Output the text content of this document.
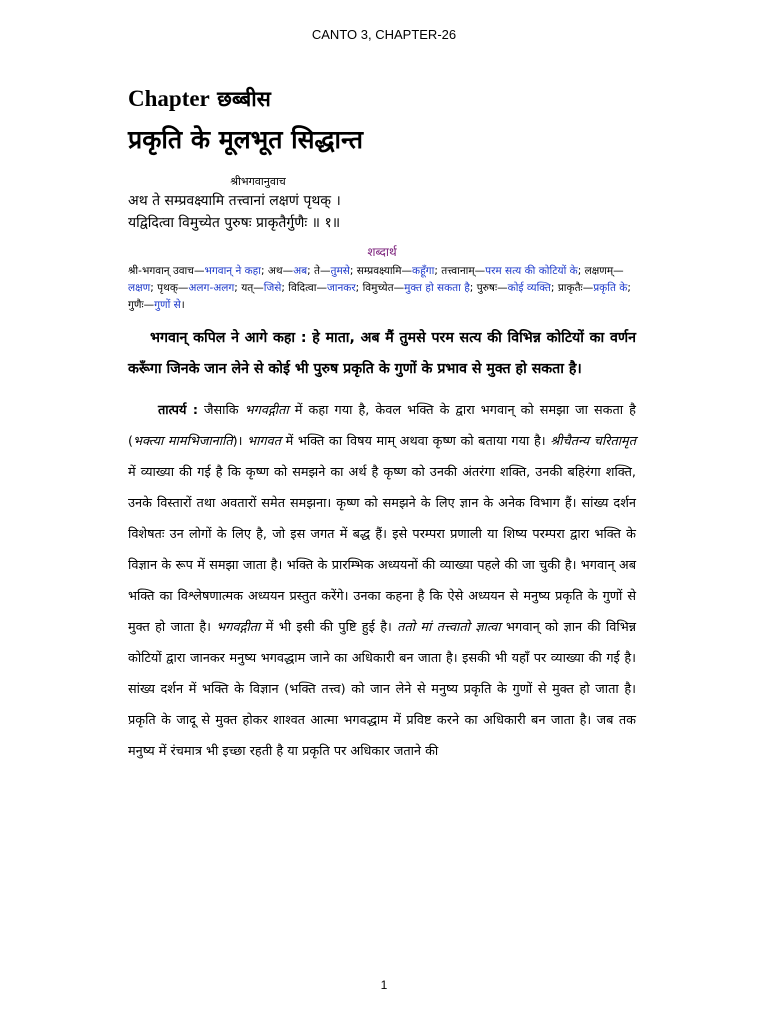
CANTO 3, CHAPTER-26
Chapter छब्बीस
प्रकृति के मूलभूत सिद्धान्त
श्रीभगवानुवाच
अथ ते सम्प्रवक्ष्यामि तत्त्वानां लक्षणं पृथक् ।
यद्विदित्वा विमुच्येत पुरुषः प्राकृतैर्गुणैः ॥ १॥
शब्दार्थ
श्री-भगवान् उवाच—भगवान् ने कहा; अथ—अब; ते—तुमसे; सम्प्रवक्ष्यामि—कहूँगा; तत्त्वानाम्—परम सत्य की कोटियों के; लक्षणम्—लक्षण; पृथक्—अलग-अलग; यत्—जिसे; विदित्वा—जानकर; विमुच्येत—मुक्त हो सकता है; पुरुषः—कोई व्यक्ति; प्राकृतैः—प्रकृति के; गुणैः—गुणों से।
भगवान् कपिल ने आगे कहा : हे माता, अब मैं तुमसे परम सत्य की विभिन्न कोटियों का वर्णन करूँगा जिनके जान लेने से कोई भी पुरुष प्रकृति के गुणों के प्रभाव से मुक्त हो सकता है।
तात्पर्य : जैसाकि भगवद्गीता में कहा गया है, केवल भक्ति के द्वारा भगवान् को समझा जा सकता है (भक्त्या मामभिजानाति)। भागवत में भक्ति का विषय माम् अथवा कृष्ण को बताया गया है। श्रीचैतन्य चरितामृत में व्याख्या की गई है कि कृष्ण को समझने का अर्थ है कृष्ण को उनकी अंतरंगा शक्ति, उनकी बहिरंगा शक्ति, उनके विस्तारों तथा अवतारों समेत समझना। कृष्ण को समझने के लिए ज्ञान के अनेक विभाग हैं। सांख्य दर्शन विशेषतः उन लोगों के लिए है, जो इस जगत में बद्ध हैं। इसे परम्परा प्रणाली या शिष्य परम्परा द्वारा भक्ति के विज्ञान के रूप में समझा जाता है। भक्ति के प्रारम्भिक अध्ययनों की व्याख्या पहले की जा चुकी है। भगवान् अब भक्ति का विश्लेषणात्मक अध्ययन प्रस्तुत करेंगे। उनका कहना है कि ऐसे अध्ययन से मनुष्य प्रकृति के गुणों से मुक्त हो जाता है। भगवद्गीता में भी इसी की पुष्टि हुई है। ततो मां तत्त्वातो ज्ञात्वा भगवान् को ज्ञान की विभिन्न कोटियों द्वारा जानकर मनुष्य भगवद्धाम जाने का अधिकारी बन जाता है। इसकी भी यहाँ पर व्याख्या की गई है। सांख्य दर्शन में भक्ति के विज्ञान (भक्ति तत्त्व) को जान लेने से मनुष्य प्रकृति के गुणों से मुक्त हो जाता है। प्रकृति के जादू से मुक्त होकर शाश्वत आत्मा भगवद्धाम में प्रविष्ट करने का अधिकारी बन जाता है। जब तक मनुष्य में रंचमात्र भी इच्छा रहती है या प्रकृति पर अधिकार जताने की
1
